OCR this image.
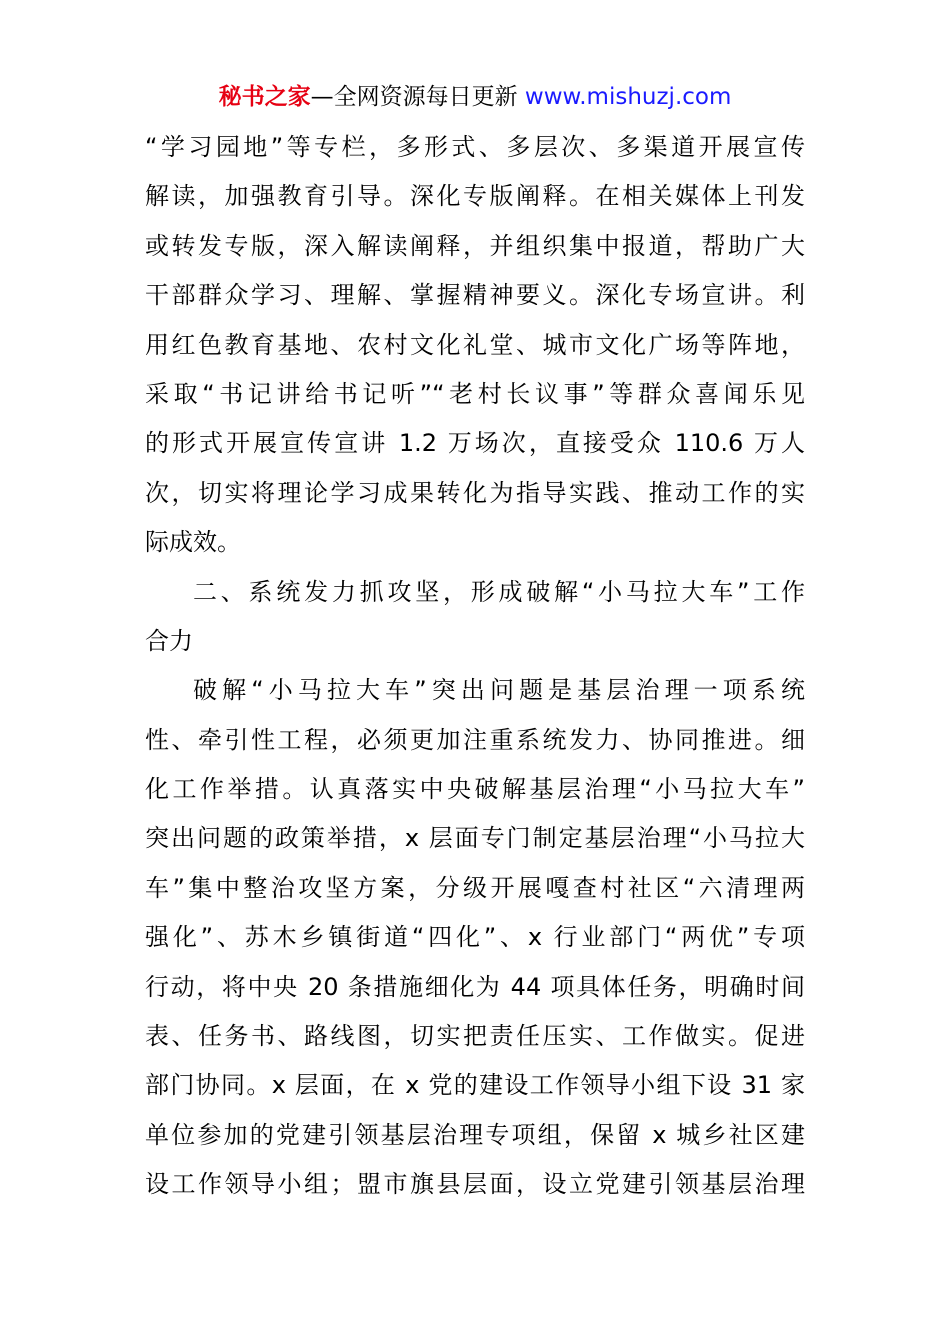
秘书之家—全网资源每日更新 www.mishuzj.com
“学习园地”等专栏，多形式、多层次、多渠道开展宣传
解读，加强教育引导。深化专版阐释。在相关媒体上刊发
或转发专版，深入解读阐释，并组织集中报道，帮助广大
干部群众学习、理解、掌握精神要义。深化专场宣讲。利
用红色教育基地、农村文化礼堂、城市文化广场等阵地，
采取“书记讲给书记听”“老村长议事”等群众喜闻乐见
的形式开展宣传宣讲 1.2 万场次，直接受众 110.6 万人
次，切实将理论学习成果转化为指导实践、推动工作的实
际成效。
二、系统发力抓攻坚，形成破解“小马拉大车”工作
合力
破解“小马拉大车”突出问题是基层治理一项系统
性、牵引性工程，必须更加注重系统发力、协同推进。细
化工作举措。认真落实中央破解基层治理“小马拉大车”
突出问题的政策举措，x 层面专门制定基层治理“小马拉大
车”集中整治攻坚方案，分级开展嘎查村社区“六清理两
强化”、苏木乡镇街道“四化”、x 行业部门“两优”专项
行动，将中央 20 条措施细化为 44 项具体任务，明确时间
表、任务书、路线图，切实把责任压实、工作做实。促进
部门协同。x 层面，在 x 党的建设工作领导小组下设 31 家
单位参加的党建引领基层治理专项组，保留 x 城乡社区建
设工作领导小组；盟市旗县层面，设立党建引领基层治理
